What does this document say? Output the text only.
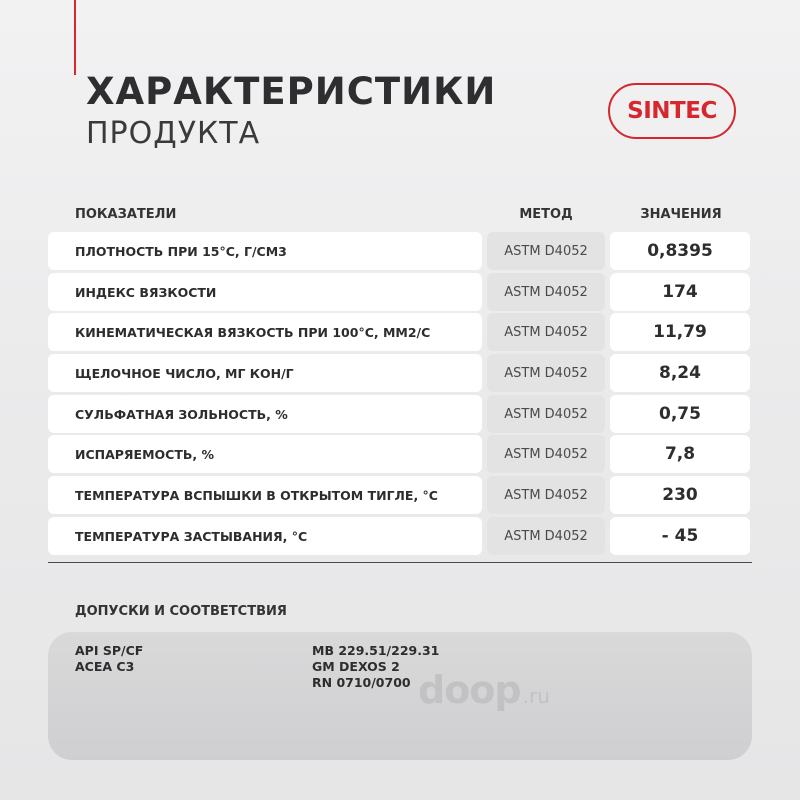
ХАРАКТЕРИСТИКИ
ПРОДУКТА
SINTEC
ПОКАЗАТЕЛИ	МЕТОД	ЗНАЧЕНИЯ
ПЛОТНОСТЬ ПРИ 15°С, Г/СМ3	ASTM D4052	0,8395
ИНДЕКС ВЯЗКОСТИ	ASTM D4052	174
КИНЕМАТИЧЕСКАЯ ВЯЗКОСТЬ ПРИ 100°С, ММ2/С	ASTM D4052	11,79
ЩЕЛОЧНОЕ ЧИСЛО, МГ КОН/Г	ASTM D4052	8,24
СУЛЬФАТНАЯ ЗОЛЬНОСТЬ, %	ASTM D4052	0,75
ИСПАРЯЕМОСТЬ, %	ASTM D4052	7,8
ТЕМПЕРАТУРА ВСПЫШКИ В ОТКРЫТОМ ТИГЛЕ, °С	ASTM D4052	230
ТЕМПЕРАТУРА ЗАСТЫВАНИЯ, °С	ASTM D4052	- 45
ДОПУСКИ И СООТВЕТСТВИЯ
API SP/CF
ACEA C3
MB 229.51/229.31
GM DEXOS 2
RN 0710/0700 doop .ru
